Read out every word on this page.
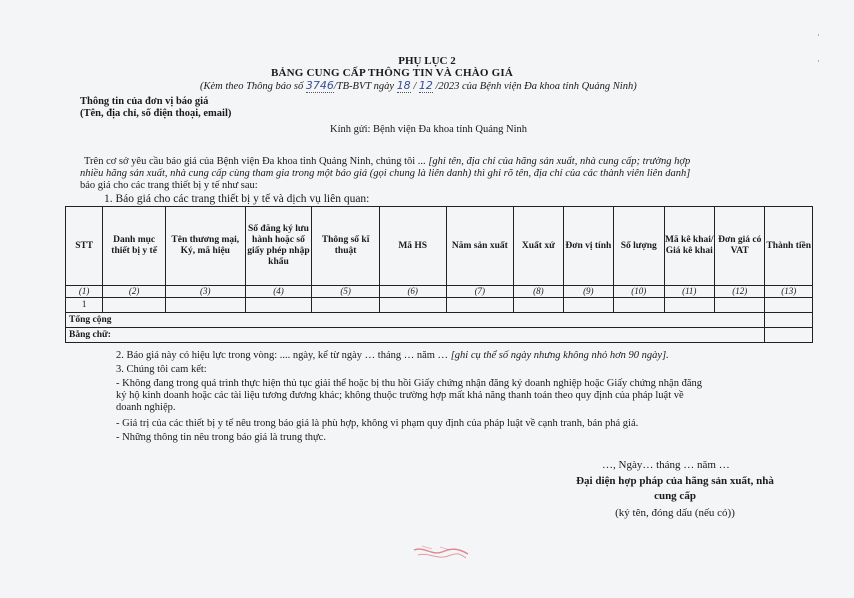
PHỤ LỤC 2
BẢNG CUNG CẤP THÔNG TIN VÀ CHÀO GIÁ
(Kèm theo Thông báo số 3746/TB-BVT ngày 18 / 12 /2023 của Bệnh viện Đa khoa tỉnh Quảng Ninh)
Thông tin của đơn vị báo giá
(Tên, địa chỉ, số điện thoại, email)
Kính gửi: Bệnh viện Đa khoa tỉnh Quảng Ninh
Trên cơ sở yêu cầu báo giá của Bệnh viện Đa khoa tỉnh Quảng Ninh, chúng tôi ... [ghi tên, địa chỉ của hãng sản xuất, nhà cung cấp; trường hợp
nhiều hãng sản xuất, nhà cung cấp cùng tham gia trong một báo giá (gọi chung là liên danh) thì ghi rõ tên, địa chỉ của các thành viên liên danh]
báo giá cho các trang thiết bị y tế như sau:
1. Báo giá cho các trang thiết bị y tế và dịch vụ liên quan:
STT	Danh mục thiết bị y tế	Tên thương mại, Ký, mã hiệu	Số đăng ký lưu hành hoặc số giấy phép nhập khẩu	Thông số kĩ thuật	Mã HS	Năm sản xuất	Xuất xứ	Đơn vị tính	Số lượng	Mã kê khai/ Giá kê khai	Đơn giá có VAT	Thành tiền
(1)	(2)	(3)	(4)	(5)	(6)	(7)	(8)	(9)	(10)	(11)	(12)	(13)
1												
Tổng cộng												
Bằng chữ:												
2. Báo giá này có hiệu lực trong vòng: .... ngày, kể từ ngày … tháng … năm … [ghi cụ thể số ngày nhưng không nhỏ hơn 90 ngày].
3. Chúng tôi cam kết:
- Không đang trong quá trình thực hiện thủ tục giải thể hoặc bị thu hồi Giấy chứng nhận đăng ký doanh nghiệp hoặc Giấy chứng nhận đăng
ký hộ kinh doanh hoặc các tài liệu tương đương khác; không thuộc trường hợp mất khả năng thanh toán theo quy định của pháp luật về
doanh nghiệp.
- Giá trị của các thiết bị y tế nêu trong báo giá là phù hợp, không vi phạm quy định của pháp luật về cạnh tranh, bán phá giá.
- Những thông tin nêu trong báo giá là trung thực.
…, Ngày… tháng … năm …
Đại diện hợp pháp của hãng sản xuất, nhà
cung cấp
(ký tên, đóng dấu (nếu có))
·
·
